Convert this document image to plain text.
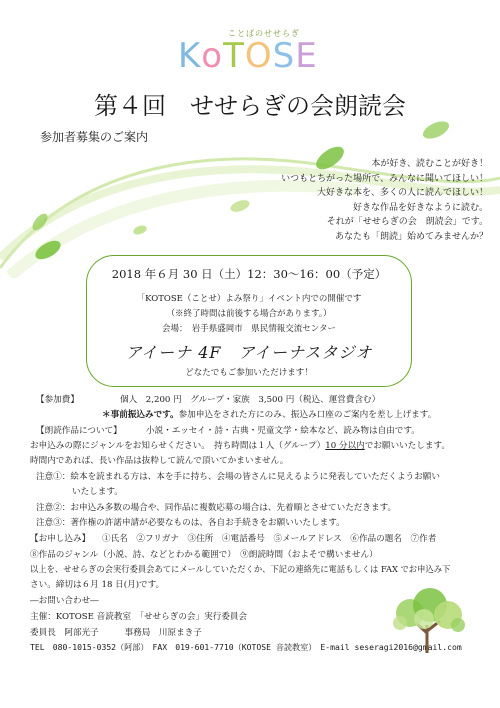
ことばのせせらぎ
KoTOSE
第４回　せせらぎの会朗読会
参加者募集のご案内

本が好き、読むことが好き！

いつもとちがった場所で、みんなに聞いてほしい！

大好きな本を、多くの人に読んでほしい！

好きな作品を好きなように読む。

それが「せせらぎの会　朗読会」です。

あなたも「朗読」始めてみませんか？

2018 年６月 30 日（土）12：30～16：00（予定）
「KOTOSE（ことせ）よみ祭り」イベント内での開催です
（※終了時間は前後する場合があります。）
会場：　岩手県盛岡市　県民情報交流センター
アイーナ 4F　アイーナスタジオ
どなたでもご参加いただけます！
【参加費】	個人　2,200 円　グループ・家族　3,500 円（税込、運営費含む）
＊事前振込みです。参加申込をされた方にのみ、振込み口座のご案内を差し上げます。
【朗読作品について】	小説・エッセイ・詩・古典・児童文学・絵本など、読み物は自由です。
お申込みの際にジャンルをお知らせください。　持ち時間は１人（グループ）10 分以内でお願いいたします。
時間内であれば、長い作品は抜粋して読んで頂いてかまいません。
注意①：絵本を読まれる方は、本を手に持ち、会場の皆さんに見えるように発表していただくようお願い
いたします。
注意②：お申込み多数の場合や、同作品に複数応募の場合は、先着順とさせていただきます。
注意③：著作権の許諾申請が必要なものは、各自お手続きをお願いいたします。
【お申し込み】 ①氏名　②フリガナ　③住所　④電話番号　⑤メールアドレス　⑥作品の題名　⑦作者
⑧作品のジャンル（小説、詩、などとわかる範囲で）　⑨朗読時間（およそで構いません）
以上を、せせらぎの会実行委員会あてにメールしていただくか、下記の連絡先に電話もしくは FAX でお申込み下
さい。締切は６月 18 日(月)です。
―お問い合わせ―
主催：KOTOSE 音読教室　「せせらぎの会」実行委員会
委員長　阿部光子　　　事務局　川原まき子
TEL　080-1015-0352（阿部）　FAX　019-601-7710（KOTOSE 音読教室）　E-mail seseragi2016@gmail.com
